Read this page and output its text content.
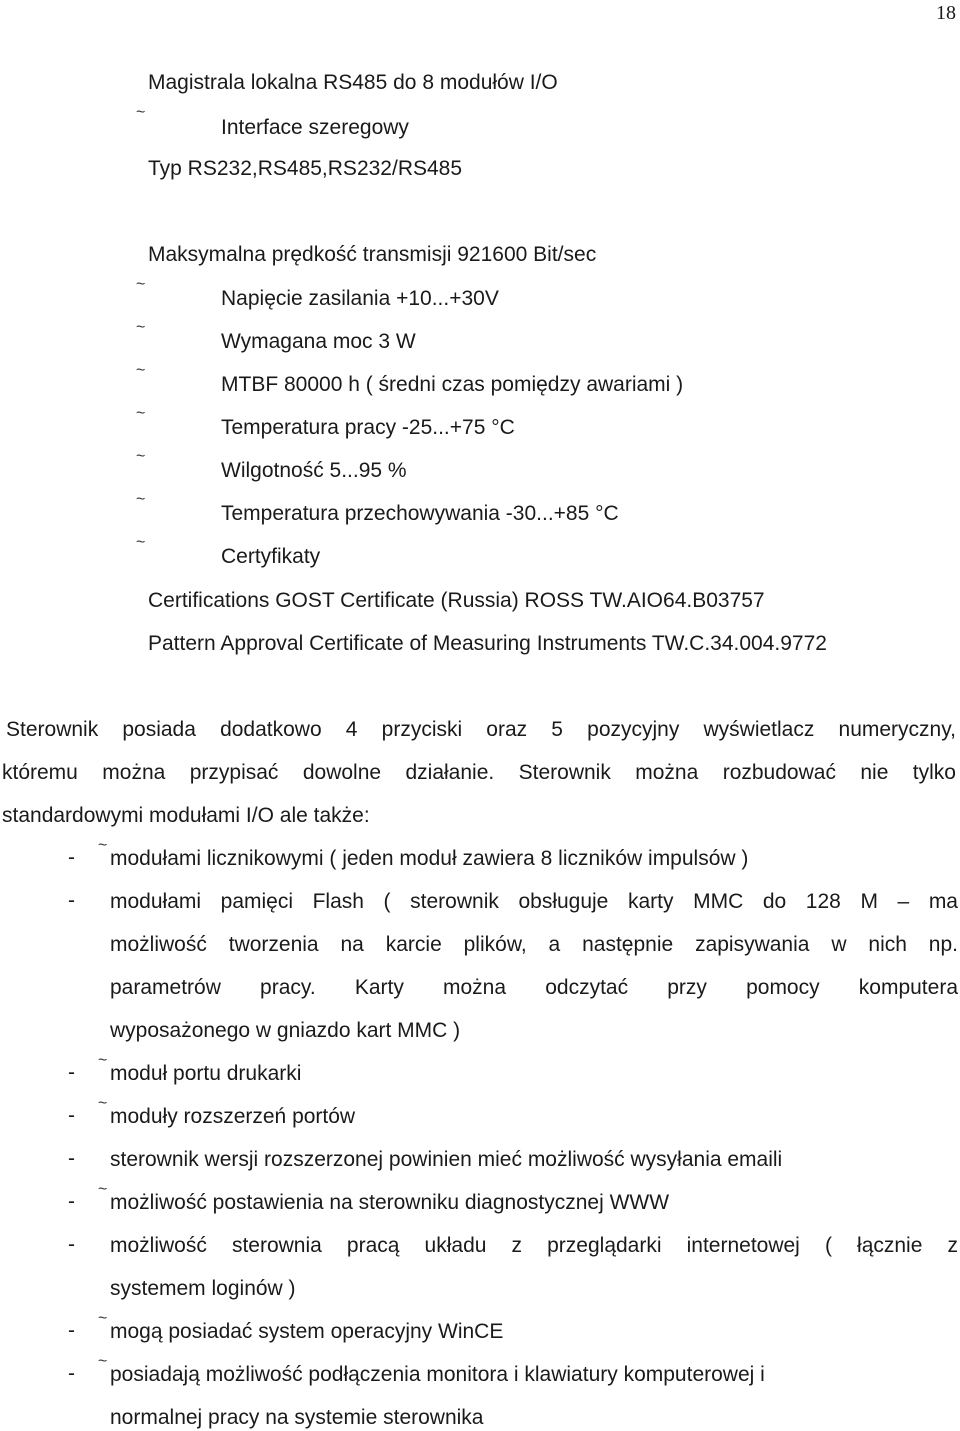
18
Magistrala lokalna RS485 do 8 modułów I/O
~
Interface szeregowy
Typ RS232,RS485,RS232/RS485
Maksymalna prędkość transmisji 921600 Bit/sec
~
Napięcie zasilania +10...+30V
~
Wymagana moc 3 W
~
MTBF 80000 h ( średni czas pomiędzy awariami )
~
Temperatura pracy -25...+75 °C
~
Wilgotność 5...95 %
~
Temperatura przechowywania -30...+85 °C
~
Certyfikaty
Certifications GOST Certificate (Russia) ROSS TW.AIO64.B03757
Pattern Approval Certificate of Measuring Instruments TW.C.34.004.9772
Sterownik posiada dodatkowo 4 przyciski oraz 5 pozycyjny wyświetlacz numeryczny,
któremu można przypisać dowolne działanie. Sterownik można rozbudować nie tylko
standardowymi modułami I/O ale także:
-
~
modułami licznikowymi ( jeden moduł zawiera 8 liczników impulsów )
- modułami pamięci Flash ( sterownik obsługuje karty MMC do 128 M – ma
możliwość tworzenia na karcie plików, a następnie zapisywania w nich np.
parametrów pracy. Karty można odczytać przy pomocy komputera
wyposażonego w gniazdo kart MMC )
-
~
moduł portu drukarki
-
~
moduły rozszerzeń portów
- sterownik wersji rozszerzonej powinien mieć możliwość wysyłania emaili
-
~
możliwość postawienia na sterowniku diagnostycznej WWW
- możliwość sterownia pracą układu z przeglądarki internetowej ( łącznie z
systemem loginów )
-
~
mogą posiadać system operacyjny WinCE
-
~
posiadają możliwość podłączenia monitora i klawiatury komputerowej i
normalnej pracy na systemie sterownika
